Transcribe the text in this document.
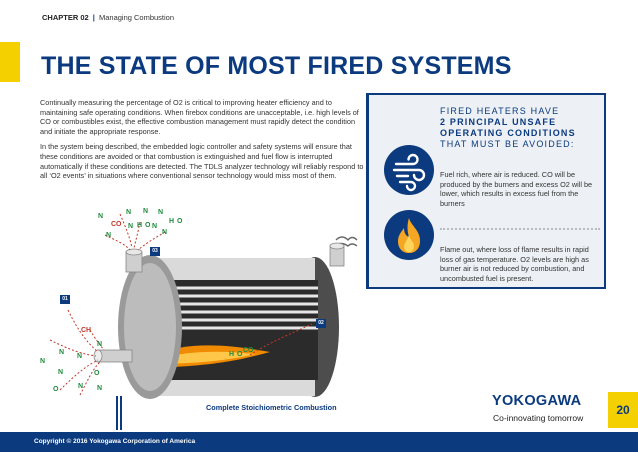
CHAPTER 02 | Managing Combustion
THE STATE OF MOST FIRED SYSTEMS

Continually measuring the percentage of O2 is critical to improving heater efficiency and to maintaining safe operating conditions. When firebox conditions are unacceptable, i.e. high levels of CO or combustibles exist, the effective combustion management must rapidly detect the condition and initiate the appropriate response.

In the system being described, the embedded logic controller and safety systems will ensure that these conditions are avoided or that combustion is extinguished and fuel flow is interrupted automatically if these conditions are detected. The TDLS analyzer technology will reliably respond to all ‘O2 events’ in situations where conventional sensor technology would miss most of them.

FIRED HEATERS HAVE
2 PRINCIPAL UNSAFE OPERATING CONDITIONS
THAT MUST BE AVOIDED:
Fuel rich, where air is reduced. CO will be produced by the burners and excess O2 will be lower, which results in excess fuel from the burners
Flame out, where loss of flame results in rapid loss of gas temperature. O2 levels are high as burner air is not reduced by combustion, and uncombusted fuel is present.
N
N N N
CO N H O N
H O
N	N
CH
N
N
N
N
N	O
O	N N
H O
CO
01
02
03
Complete Stoichiometric Combustion	YOKOGAWA
Co-innovating tomorrow
20
Copyright © 2016 Yokogawa Corporation of America
